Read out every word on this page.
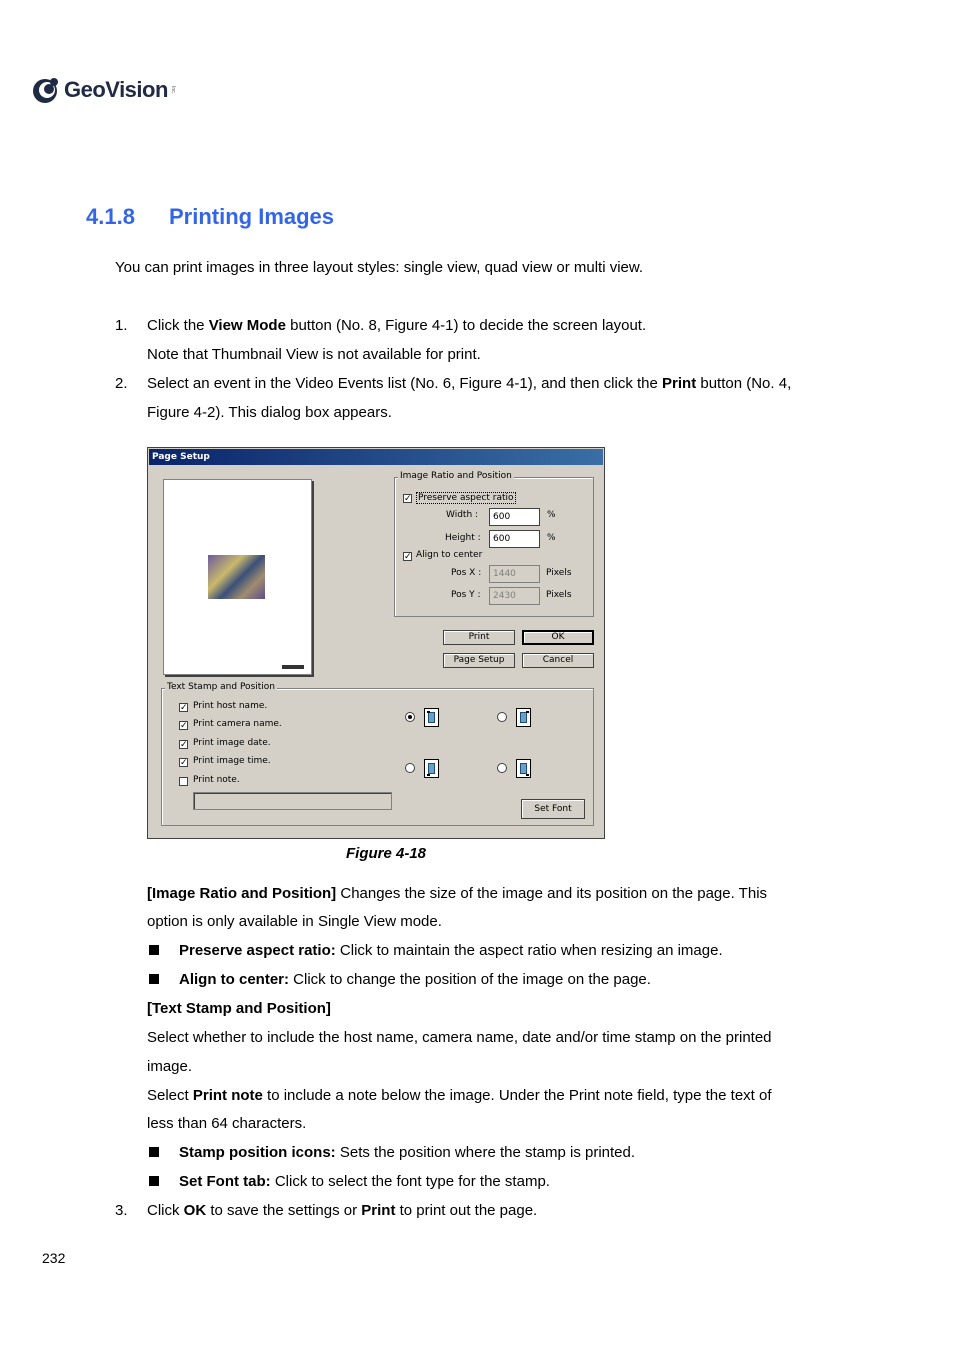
GeoVision Inc.
4.1.8 Printing Images
You can print images in three layout styles: single view, quad view or multi view.
1. Click the View Mode button (No. 8, Figure 4-1) to decide the screen layout.
Note that Thumbnail View is not available for print.
2. Select an event in the Video Events list (No. 6, Figure 4-1), and then click the Print button (No. 4,
Figure 4-2). This dialog box appears.
Page Setup
Image Ratio and Position
✓ Preserve aspect ratio
Width :	600	%
Height :	600	%
✓ Align to center
Pos X :	1440	Pixels
Pos Y :	2430	Pixels
Print	OK
Page Setup	Cancel
Text Stamp and Position
✓ Print host name.
✓ Print camera name.
✓ Print image date.
✓ Print image time.
Print note.
Set Font
Figure 4-18
[Image Ratio and Position] Changes the size of the image and its position on the page. This
option is only available in Single View mode.
Preserve aspect ratio: Click to maintain the aspect ratio when resizing an image.
Align to center: Click to change the position of the image on the page.
[Text Stamp and Position]
Select whether to include the host name, camera name, date and/or time stamp on the printed
image.
Select Print note to include a note below the image. Under the Print note field, type the text of
less than 64 characters.
Stamp position icons: Sets the position where the stamp is printed.
Set Font tab: Click to select the font type for the stamp.
3. Click OK to save the settings or Print to print out the page.
232
